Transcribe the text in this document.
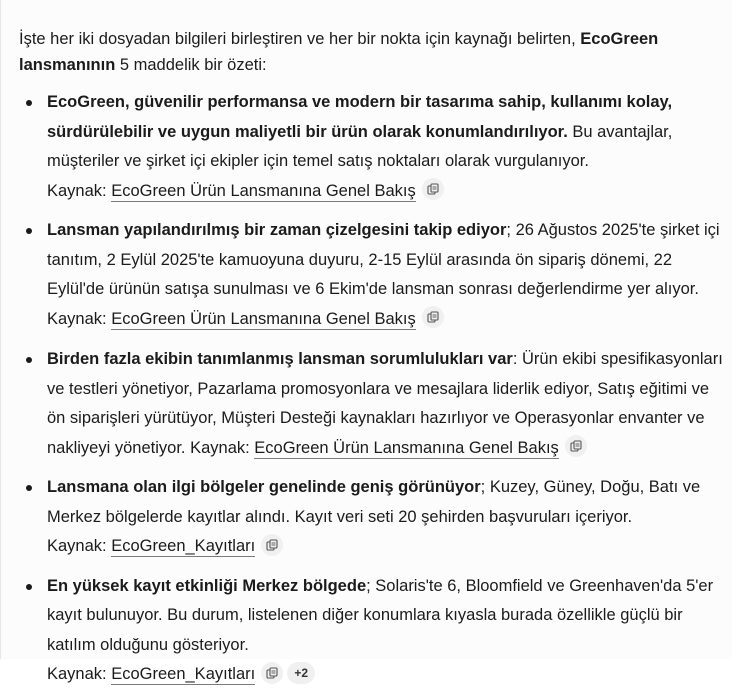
İşte her iki dosyadan bilgileri birleştiren ve her bir nokta için kaynağı belirten, EcoGreen lansmanının 5 maddelik bir özeti:
EcoGreen, güvenilir performansa ve modern bir tasarıma sahip, kullanımı kolay, sürdürülebilir ve uygun maliyetli bir ürün olarak konumlandırılıyor. Bu avantajlar, müşteriler ve şirket içi ekipler için temel satış noktaları olarak vurgulanıyor.
Kaynak: EcoGreen Ürün Lansmanına Genel Bakış
Lansman yapılandırılmış bir zaman çizelgesini takip ediyor; 26 Ağustos 2025'te şirket içi tanıtım, 2 Eylül 2025'te kamuoyuna duyuru, 2-15 Eylül arasında ön sipariş dönemi, 22 Eylül'de ürünün satışa sunulması ve 6 Ekim'de lansman sonrası değerlendirme yer alıyor.
Kaynak: EcoGreen Ürün Lansmanına Genel Bakış
Birden fazla ekibin tanımlanmış lansman sorumlulukları var: Ürün ekibi spesifikasyonları ve testleri yönetiyor, Pazarlama promosyonlara ve mesajlara liderlik ediyor, Satış eğitimi ve ön siparişleri yürütüyor, Müşteri Desteği kaynakları hazırlıyor ve Operasyonlar envanter ve nakliyeyi yönetiyor. Kaynak: EcoGreen Ürün Lansmanına Genel Bakış
Lansmana olan ilgi bölgeler genelinde geniş görünüyor; Kuzey, Güney, Doğu, Batı ve Merkez bölgelerde kayıtlar alındı. Kayıt veri seti 20 şehirden başvuruları içeriyor.
Kaynak: EcoGreen_Kayıtları
En yüksek kayıt etkinliği Merkez bölgede; Solaris'te 6, Bloomfield ve Greenhaven'da 5'er kayıt bulunuyor. Bu durum, listelenen diğer konumlara kıyasla burada özellikle güçlü bir katılım olduğunu gösteriyor.
Kaynak: EcoGreen_Kayıtları	+2
